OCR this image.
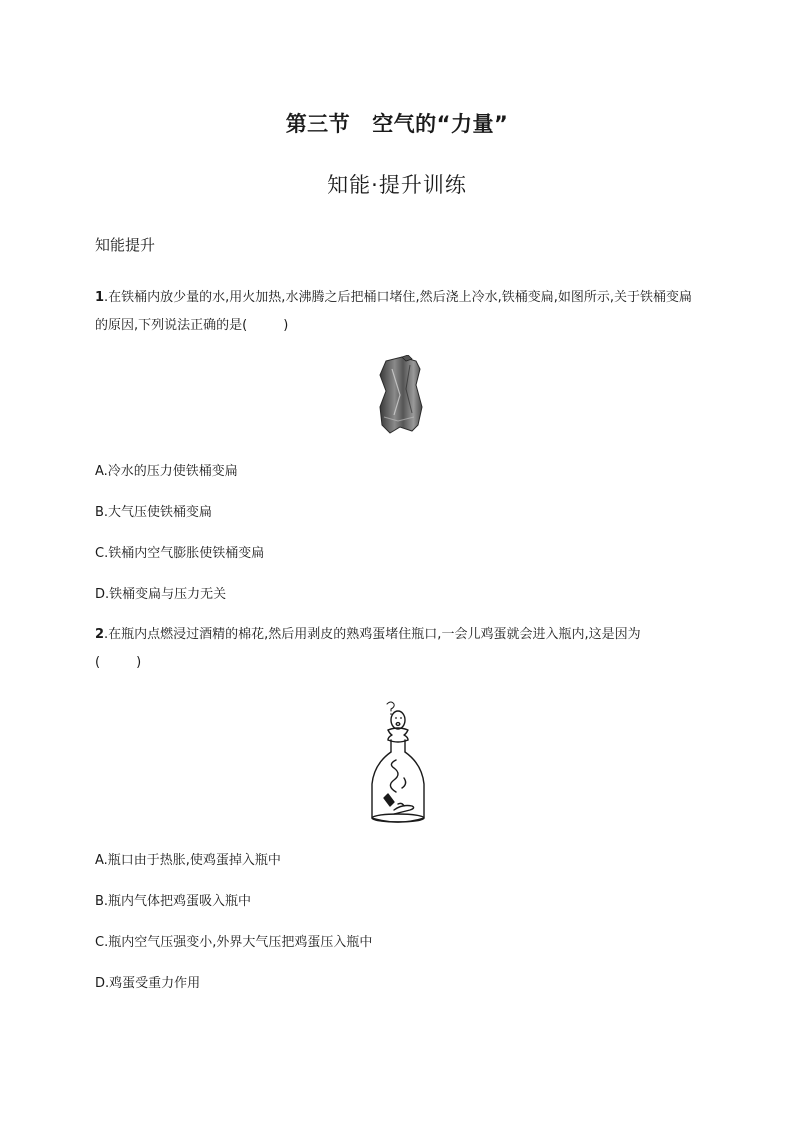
第三节 空气的“力量”
知能·提升训练
知能提升
1.在铁桶内放少量的水,用火加热,水沸腾之后把桶口堵住,然后浇上冷水,铁桶变扁,如图所示,关于铁桶变扁的原因,下列说法正确的是(	)
A.冷水的压力使铁桶变扁
B.大气压使铁桶变扁
C.铁桶内空气膨胀使铁桶变扁
D.铁桶变扁与压力无关
2.在瓶内点燃浸过酒精的棉花,然后用剥皮的熟鸡蛋堵住瓶口,一会儿鸡蛋就会进入瓶内,这是因为
(	)
A.瓶口由于热胀,使鸡蛋掉入瓶中
B.瓶内气体把鸡蛋吸入瓶中
C.瓶内空气压强变小,外界大气压把鸡蛋压入瓶中
D.鸡蛋受重力作用
